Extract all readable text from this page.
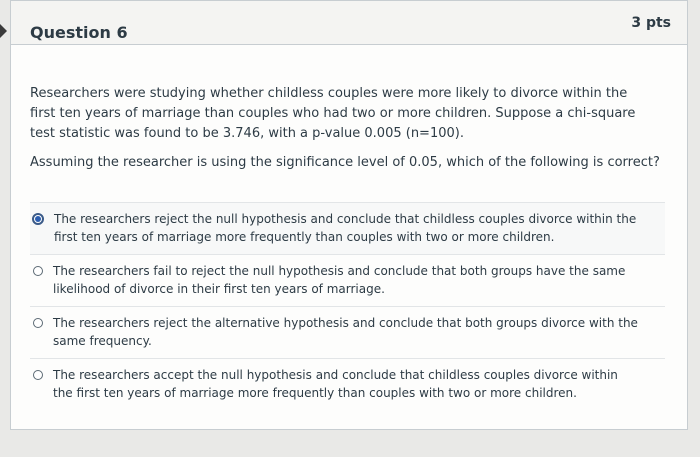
Question 6	3 pts
Researchers were studying whether childless couples were more likely to divorce within the first ten years of marriage than couples who had two or more children. Suppose a chi-square test statistic was found to be 3.746, with a p-value 0.005 (n=100).
Assuming the researcher is using the significance level of 0.05, which of the following is correct?
The researchers reject the null hypothesis and conclude that childless couples divorce within the first ten years of marriage more frequently than couples with two or more children.
The researchers fail to reject the null hypothesis and conclude that both groups have the same likelihood of divorce in their first ten years of marriage.
The researchers reject the alternative hypothesis and conclude that both groups divorce with the same frequency.
The researchers accept the null hypothesis and conclude that childless couples divorce within the first ten years of marriage more frequently than couples with two or more children.
